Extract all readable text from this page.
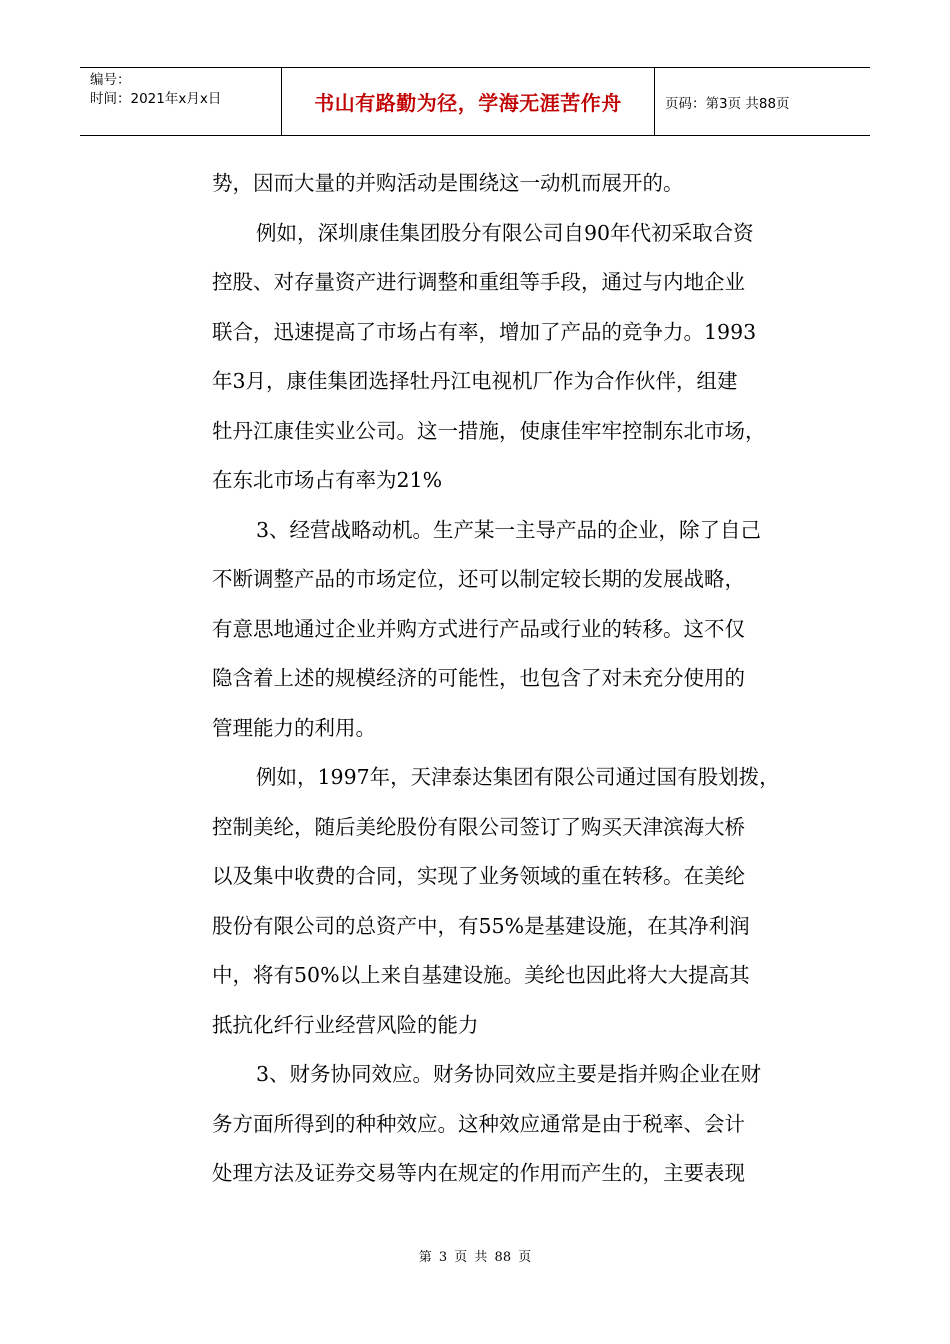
编号：
时间：2021年x月x日	书山有路勤为径，学海无涯苦作舟	页码：第3页 共88页
势，因而大量的并购活动是围绕这一动机而展开的。
例如，深圳康佳集团股分有限公司自90年代初采取合资
控股、对存量资产进行调整和重组等手段，通过与内地企业
联合，迅速提高了市场占有率，增加了产品的竞争力。1993
年3月，康佳集团选择牡丹江电视机厂作为合作伙伴，组建
牡丹江康佳实业公司。这一措施，使康佳牢牢控制东北市场，
在东北市场占有率为21%
3、经营战略动机。生产某一主导产品的企业，除了自己
不断调整产品的市场定位，还可以制定较长期的发展战略，
有意思地通过企业并购方式进行产品或行业的转移。这不仅
隐含着上述的规模经济的可能性，也包含了对未充分使用的
管理能力的利用。
例如，1997年，天津泰达集团有限公司通过国有股划拨，
控制美纶，随后美纶股份有限公司签订了购买天津滨海大桥
以及集中收费的合同，实现了业务领域的重在转移。在美纶
股份有限公司的总资产中，有55%是基建设施，在其净利润
中，将有50%以上来自基建设施。美纶也因此将大大提高其
抵抗化纤行业经营风险的能力
3、财务协同效应。财务协同效应主要是指并购企业在财
务方面所得到的种种效应。这种效应通常是由于税率、会计
处理方法及证券交易等内在规定的作用而产生的，主要表现
第 3 页 共 88 页
